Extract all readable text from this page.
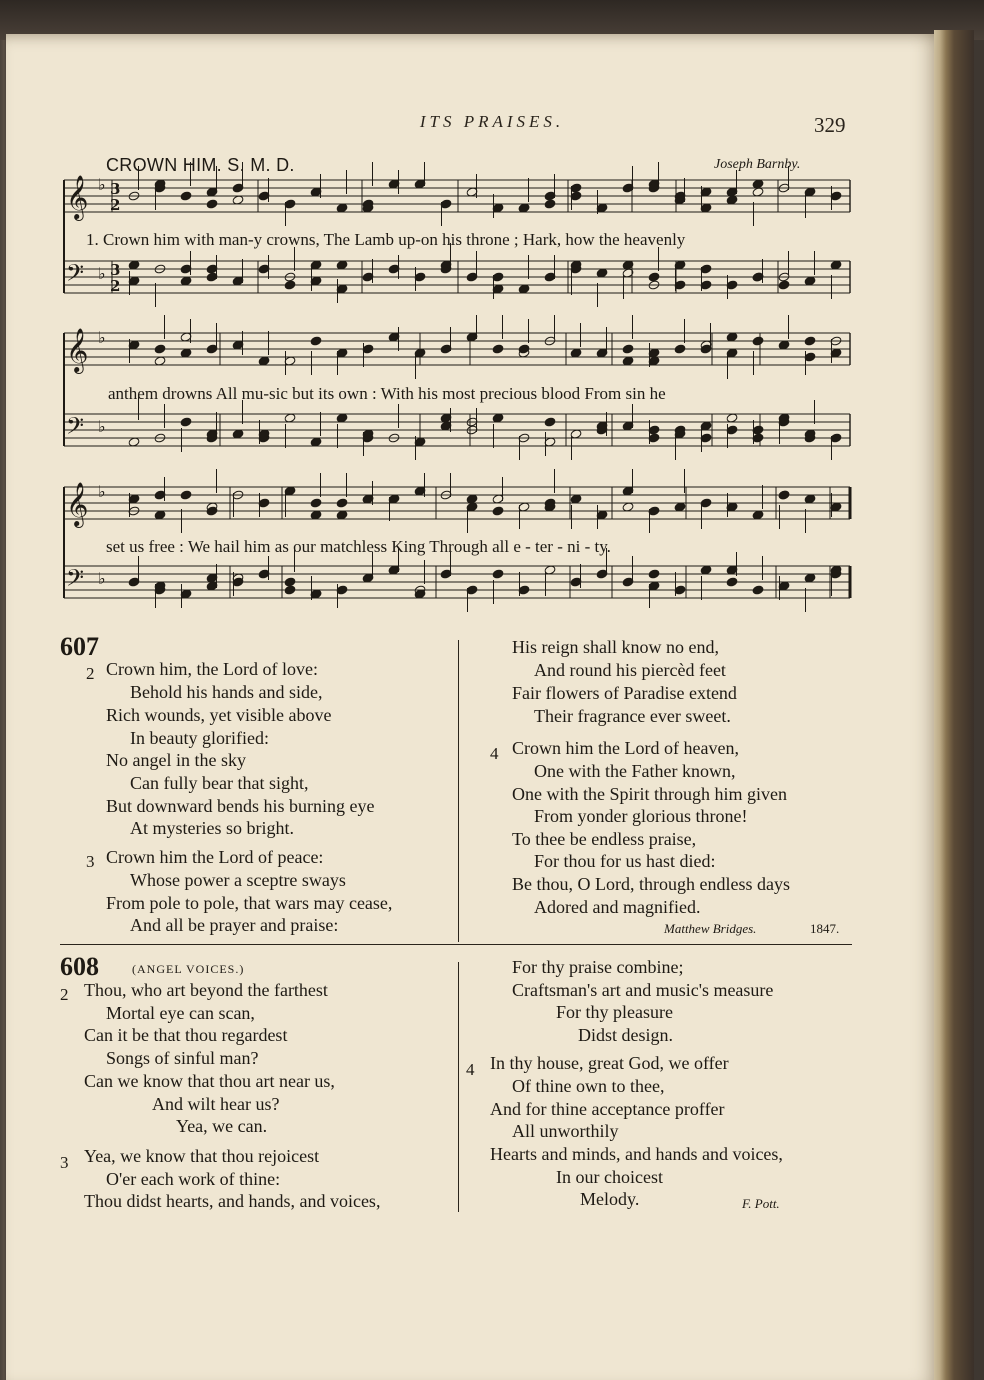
ITS PRAISES.	329
CROWN HIM. S. M. D.	Joseph Barnby.
𝄞 ♭ 3
2
𝄢 ♭ 3
2
𝄞 ♭
𝄢 ♭
𝄞 ♭
𝄢 ♭
1. Crown him with man-y crowns, The Lamb up-on his throne ; Hark, how the heavenly
anthem drowns All mu-sic but its own : With his most precious blood From sin he
set us free : We hail him as our matchless King Through all e - ter - ni - ty.
607
2 Crown him, the Lord of love:
Behold his hands and side,
Rich wounds, yet visible above
In beauty glorified:
No angel in the sky
Can fully bear that sight,
But downward bends his burning eye
At mysteries so bright.
3 Crown him the Lord of peace:
Whose power a sceptre sways
From pole to pole, that wars may cease,
And all be prayer and praise:
His reign shall know no end,
And round his piercèd feet
Fair flowers of Paradise extend
Their fragrance ever sweet.
4 Crown him the Lord of heaven,
One with the Father known,
One with the Spirit through him given
From yonder glorious throne!
To thee be endless praise,
For thou for us hast died:
Be thou, O Lord, through endless days
Adored and magnified.
Matthew Bridges.	1847.
608	(ANGEL VOICES.)
2 Thou, who art beyond the farthest
Mortal eye can scan,
Can it be that thou regardest
Songs of sinful man?
Can we know that thou art near us,
And wilt hear us?
Yea, we can.
3 Yea, we know that thou rejoicest
O'er each work of thine:
Thou didst hearts, and hands, and voices,
For thy praise combine;
Craftsman's art and music's measure
For thy pleasure
Didst design.
4 In thy house, great God, we offer
Of thine own to thee,
And for thine acceptance proffer
All unworthily
Hearts and minds, and hands and voices,
In our choicest
Melody.	F. Pott.
